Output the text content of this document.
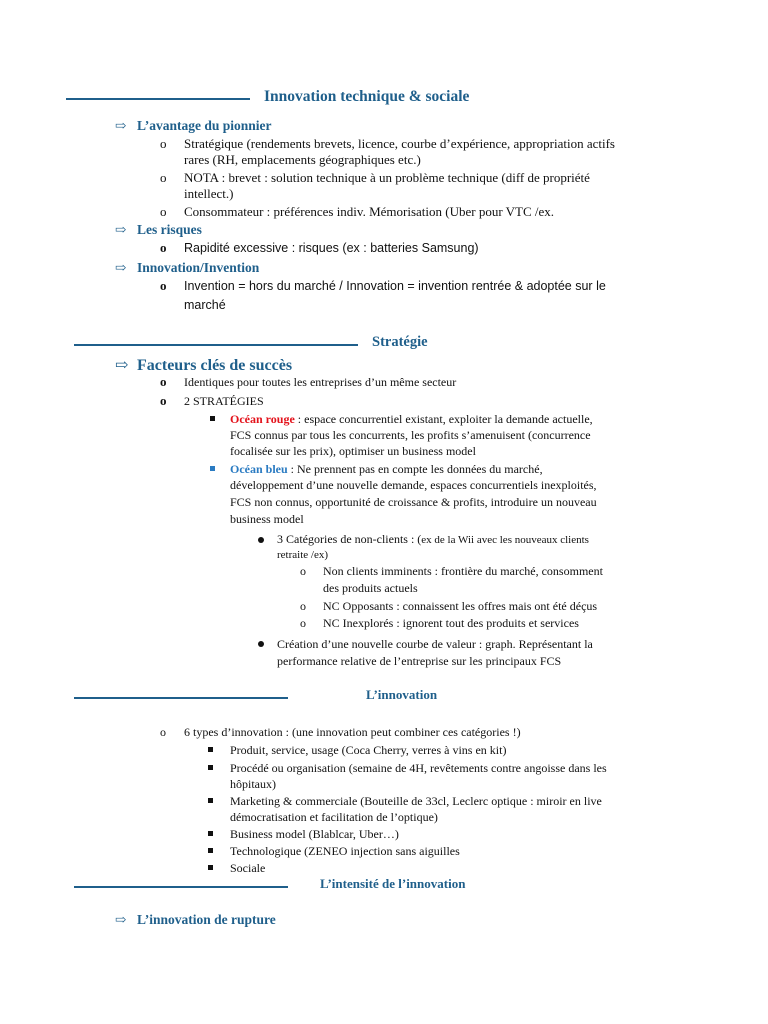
Innovation technique & sociale
⇨ L’avantage du pionnier
o Stratégique (rendements brevets, licence, courbe d’expérience, appropriation actifs
rares (RH, emplacements géographiques etc.)
o NOTA : brevet : solution technique à un problème technique (diff de propriété
intellect.)
o Consommateur : préférences indiv. Mémorisation (Uber pour VTC /ex.
⇨ Les risques
o Rapidité excessive : risques (ex : batteries Samsung)
⇨ Innovation/Invention
o Invention = hors du marché / Innovation = invention rentrée & adoptée sur le
marché
Stratégie
⇨ Facteurs clés de succès
o Identiques pour toutes les entreprises d’un même secteur
o 2 STRATÉGIES
Océan rouge : espace concurrentiel existant, exploiter la demande actuelle,
FCS connus par tous les concurrents, les profits s’amenuisent (concurrence
focalisée sur les prix), optimiser un business model
Océan bleu : Ne prennent pas en compte les données du marché,
développement d’une nouvelle demande, espaces concurrentiels inexploités,
FCS non connus, opportunité de croissance & profits, introduire un nouveau
business model
3 Catégories de non-clients : (ex de la Wii avec les nouveaux clients
retraite /ex)
o Non clients imminents : frontière du marché, consomment
des produits actuels
o NC Opposants : connaissent les offres mais ont été déçus
o NC Inexplorés : ignorent tout des produits et services
Création d’une nouvelle courbe de valeur : graph. Représentant la
performance relative de l’entreprise sur les principaux FCS
L’innovation
o 6 types d’innovation : (une innovation peut combiner ces catégories !)
Produit, service, usage (Coca Cherry, verres à vins en kit)
Procédé ou organisation (semaine de 4H, revêtements contre angoisse dans les
hôpitaux)
Marketing & commerciale (Bouteille de 33cl, Leclerc optique : miroir en live
démocratisation et facilitation de l’optique)
Business model (Blablcar, Uber…)
Technologique (ZENEO injection sans aiguilles
Sociale
L’intensité de l’innovation
⇨ L’innovation de rupture
